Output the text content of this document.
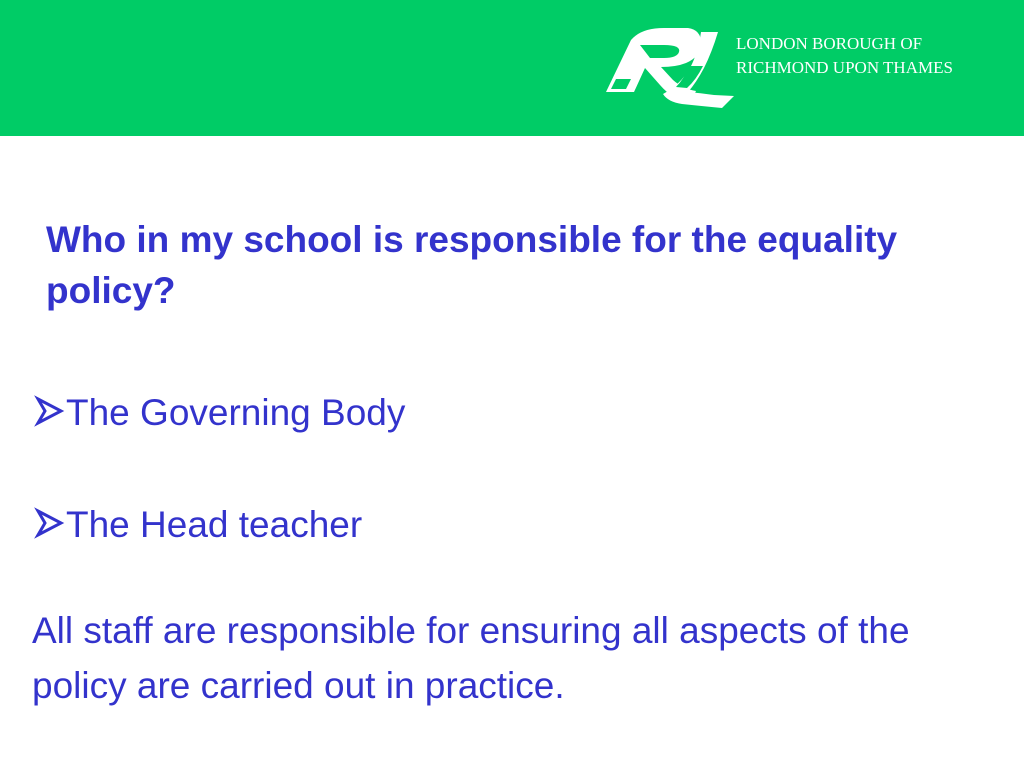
LONDON BOROUGH OF
RICHMOND UPON THAMES
Who in my school is responsible for the equality policy?
The Governing Body
The Head teacher

All staff are responsible for ensuring all aspects of the policy are carried out in practice.
